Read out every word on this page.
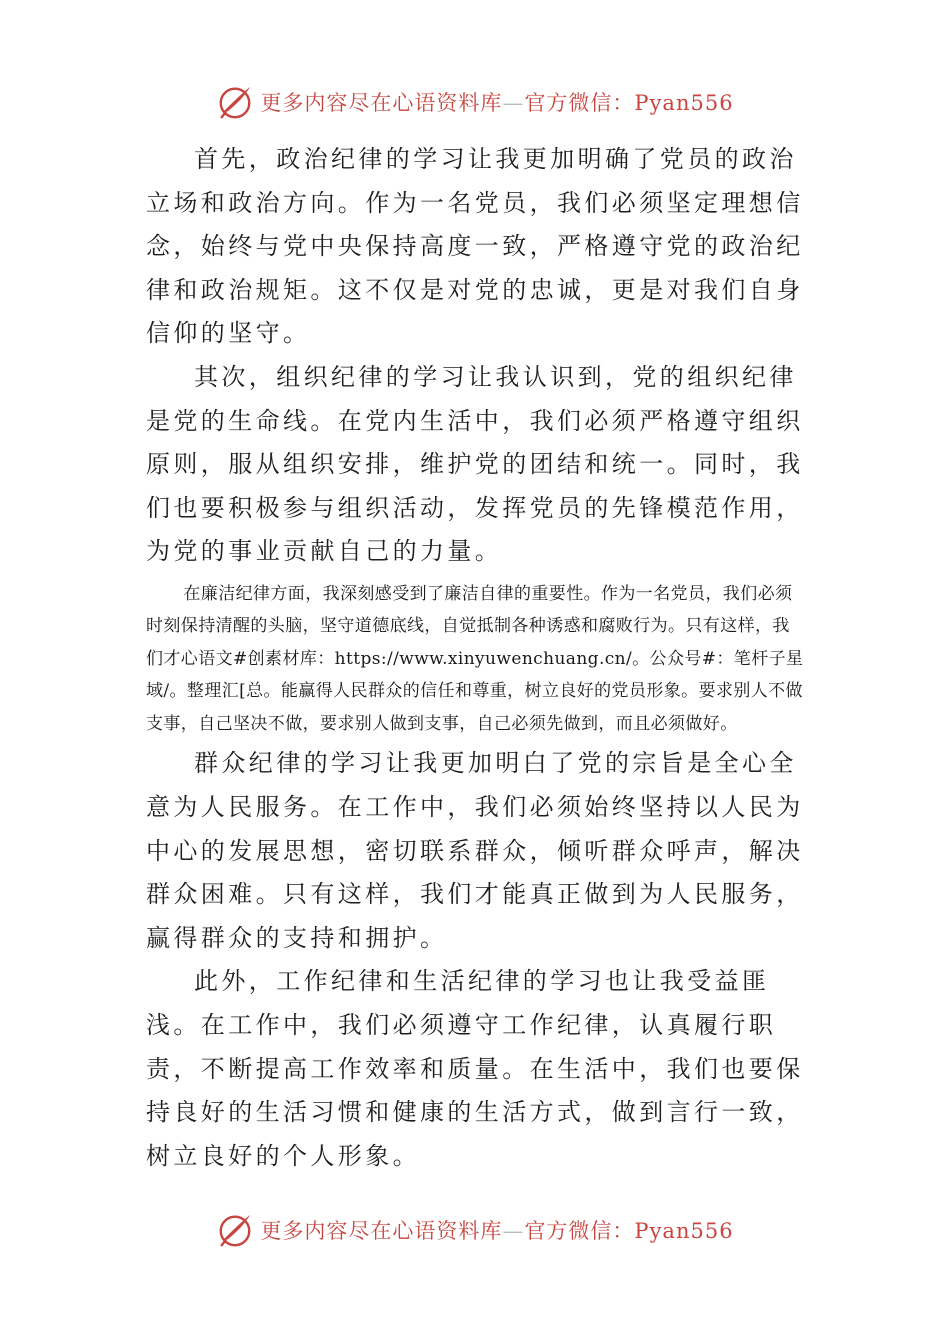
更多内容尽在心语资料库—官方微信：Pyan556

首先，政治纪律的学习让我更加明确了党员的政治立场和政治方向。作为一名党员，我们必须坚定理想信念，始终与党中央保持高度一致，严格遵守党的政治纪律和政治规矩。这不仅是对党的忠诚，更是对我们自身信仰的坚守。

其次，组织纪律的学习让我认识到，党的组织纪律是党的生命线。在党内生活中，我们必须严格遵守组织原则，服从组织安排，维护党的团结和统一。同时，我们也要积极参与组织活动，发挥党员的先锋模范作用，为党的事业贡献自己的力量。

在廉洁纪律方面，我深刻感受到了廉洁自律的重要性。作为一名党员，我们必须时刻保持清醒的头脑，坚守道德底线，自觉抵制各种诱惑和腐败行为。只有这样，我们才心语文#创素材库：https://www.xinyuwenchuang.cn/。公众号#：笔杆子星域/。整理汇[总。能赢得人民群众的信任和尊重，树立良好的党员形象。要求别人不做支事，自己坚决不做，要求别人做到支事，自己必须先做到，而且必须做好。

群众纪律的学习让我更加明白了党的宗旨是全心全意为人民服务。在工作中，我们必须始终坚持以人民为中心的发展思想，密切联系群众，倾听群众呼声，解决群众困难。只有这样，我们才能真正做到为人民服务，赢得群众的支持和拥护。

此外，工作纪律和生活纪律的学习也让我受益匪浅。在工作中，我们必须遵守工作纪律，认真履行职责，不断提高工作效率和质量。在生活中，我们也要保持良好的生活习惯和健康的生活方式，做到言行一致，树立良好的个人形象。

更多内容尽在心语资料库—官方微信：Pyan556
